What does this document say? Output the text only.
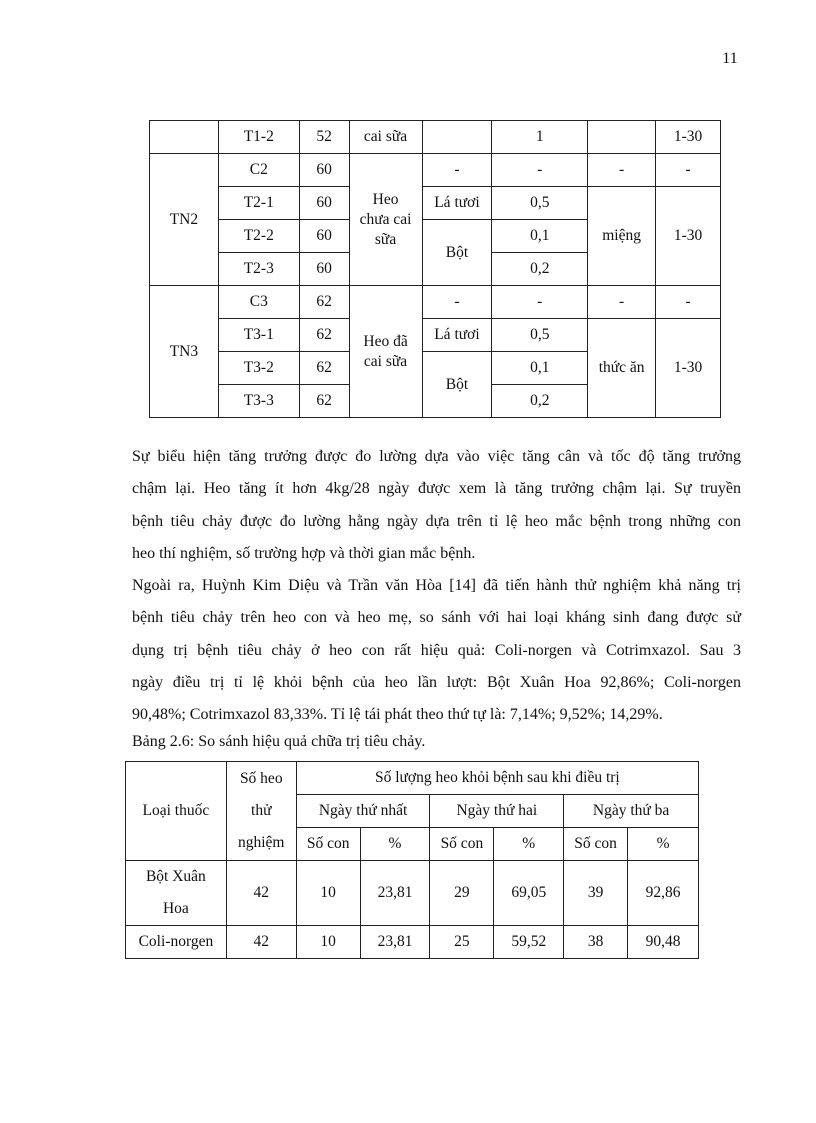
11
	T1-2	52	cai sữa		1		1-30
TN2	C2	60	Heo chưa cai sữa	-	-	-	-
	T2-1	60		Lá tươi	0,5	miệng	1-30
	T2-2	60		Bột	0,1		
	T2-3	60			0,2		
TN3	C3	62	Heo đã cai sữa	-	-	-	-
	T3-1	62		Lá tươi	0,5	thức ăn	1-30
	T3-2	62		Bột	0,1		
	T3-3	62			0,2		
Sự biểu hiện tăng trưởng được đo lường dựa vào việc tăng cân và tốc độ tăng trưởng
chậm lại. Heo tăng ít hơn 4kg/28 ngày được xem là tăng trưởng chậm lại. Sự truyền
bệnh tiêu chảy được đo lường hằng ngày dựa trên tỉ lệ heo mắc bệnh trong những con
heo thí nghiệm, số trường hợp và thời gian mắc bệnh.
Ngoài ra, Huỳnh Kim Diệu và Trần văn Hòa [14] đã tiến hành thử nghiệm khả năng trị
bệnh tiêu chảy trên heo con và heo mẹ, so sánh với hai loại kháng sinh đang được sử
dụng trị bệnh tiêu chảy ở heo con rất hiệu quả: Coli-norgen và Cotrimxazol. Sau 3
ngày điều trị tỉ lệ khỏi bệnh của heo lần lượt: Bột Xuân Hoa 92,86%; Coli-norgen
90,48%; Cotrimxazol 83,33%. Tỉ lệ tái phát theo thứ tự là: 7,14%; 9,52%; 14,29%.
Bảng 2.6: So sánh hiệu quả chữa trị tiêu chảy.
Loại thuốc	Số heo
thử
nghiệm	Số lượng heo khỏi bệnh sau khi điều trị					
		Ngày thứ nhất		Ngày thứ hai		Ngày thứ ba	
		Số con	%	Số con	%	Số con	%

Bột Xuân
Hoa	42	10	23,81	29	69,05	39	92,86
Coli-norgen	42	10	23,81	25	59,52	38	90,48
